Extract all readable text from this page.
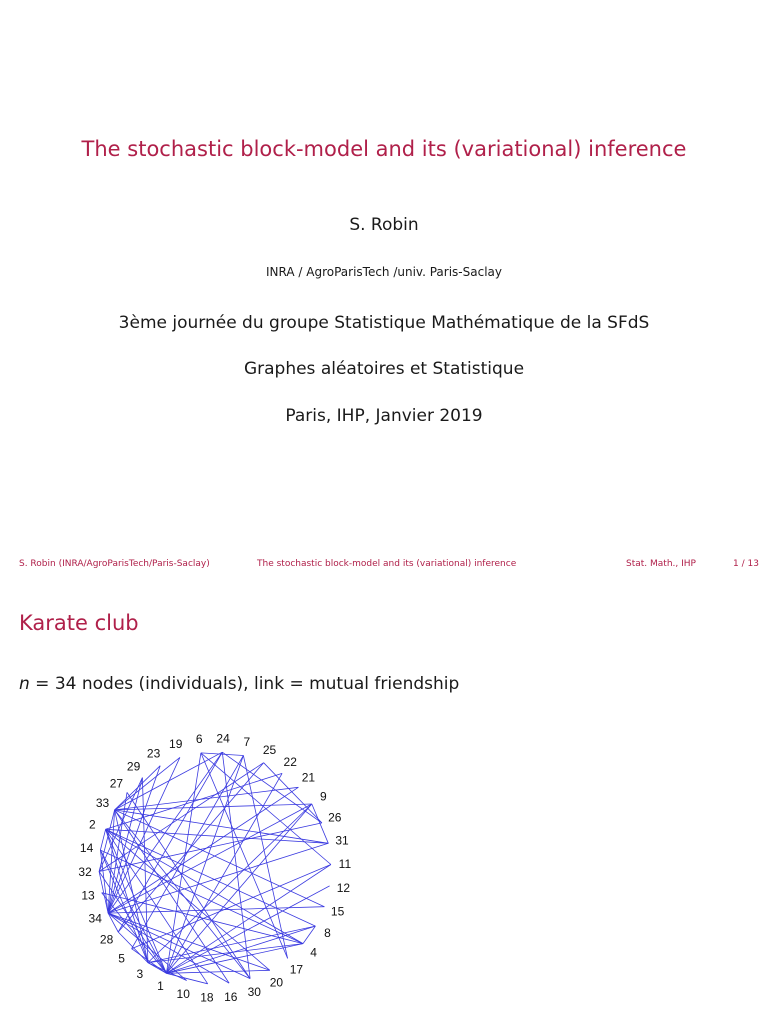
The stochastic block-model and its (variational) inference
S. Robin
INRA / AgroParisTech /univ. Paris-Saclay
3ème journée du groupe Statistique Mathématique de la SFdS
Graphes aléatoires et Statistique
Paris, IHP, Janvier 2019
S. Robin (INRA/AgroParisTech/Paris-Saclay)	The stochastic block-model and its (variational) inference	Stat. Math., IHP	1 / 13
Karate club
n = 34 nodes (individuals), link = mutual friendship
6 24 7
25
22
21
9
26
31
11
12
15
8
4
17
20
30
16
18
10
1
3
5
28
34
13
32
14
2
33
27
29
23
19
